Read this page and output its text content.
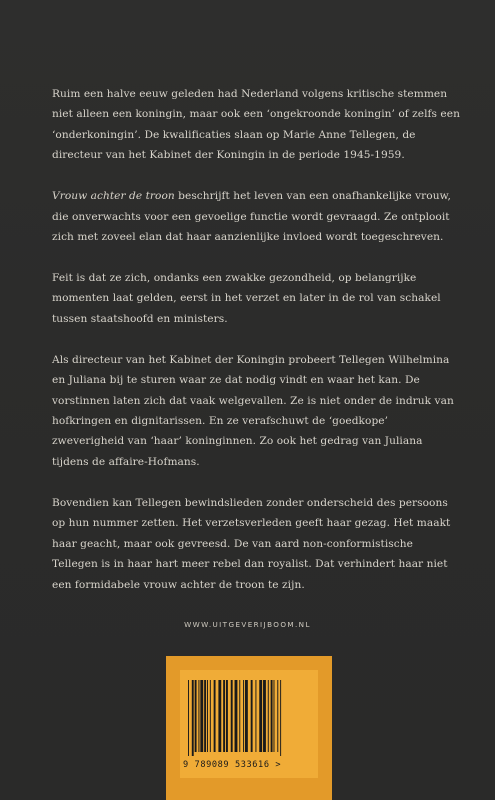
Ruim een halve eeuw geleden had Nederland volgens kritische stemmen niet alleen een koningin, maar ook een ‘ongekroonde koningin’ of zelfs een ‘onderkoningin’. De kwalificaties slaan op Marie Anne Tellegen, de directeur van het Kabinet der Koningin in de periode 1945-1959.

Vrouw achter de troon beschrijft het leven van een onafhankelijke vrouw, die onverwachts voor een gevoelige functie wordt gevraagd. Ze ontplooit zich met zoveel elan dat haar aanzienlijke invloed wordt toegeschreven.

Feit is dat ze zich, ondanks een zwakke gezondheid, op belangrijke momenten laat gelden, eerst in het verzet en later in de rol van schakel tussen staatshoofd en ministers.

Als directeur van het Kabinet der Koningin probeert Tellegen Wilhelmina en Juliana bij te sturen waar ze dat nodig vindt en waar het kan. De vorstinnen laten zich dat vaak welgevallen. Ze is niet onder de indruk van hofkringen en dignitarissen. En ze verafschuwt de ‘goedkope’ zweverigheid van ‘haar’ koninginnen. Zo ook het gedrag van Juliana tijdens de affaire-Hofmans.

Bovendien kan Tellegen bewindslieden zonder onderscheid des persoons op hun nummer zetten. Het verzetsverleden geeft haar gezag. Het maakt haar geacht, maar ook gevreesd. De van aard non-conformistische Tellegen is in haar hart meer rebel dan royalist. Dat verhindert haar niet een formidabele vrouw achter de troon te zijn.

WWW.UITGEVERIJBOOM.NL
9 789089 533616 >
